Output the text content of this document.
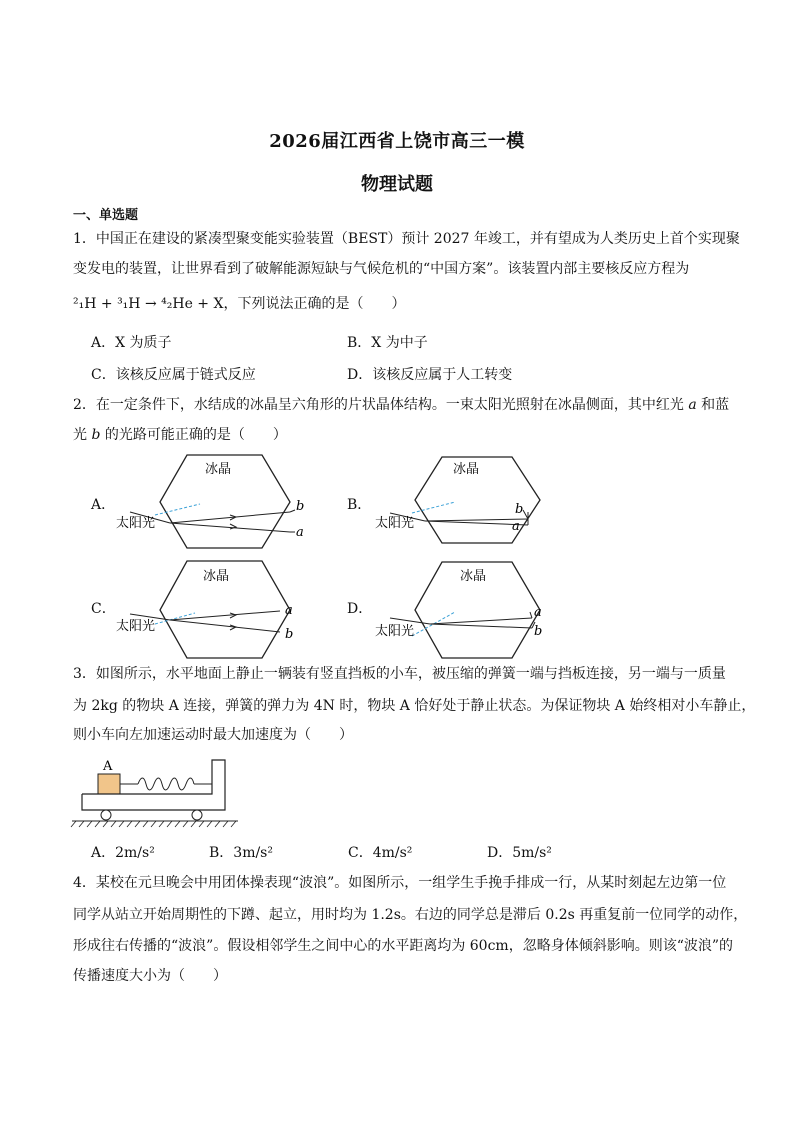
2026届江西省上饶市高三一模
物理试题
一、单选题
1．中国正在建设的紧凑型聚变能实验装置（BEST）预计 2027 年竣工，并有望成为人类历史上首个实现聚
变发电的装置，让世界看到了破解能源短缺与气候危机的“中国方案”。该装置内部主要核反应方程为
²₁H + ³₁H → ⁴₂He + X，下列说法正确的是（　　）
A．X 为质子	B．X 为中子
C．该核反应属于链式反应	D．该核反应属于人工转变
2．在一定条件下，水结成的冰晶呈六角形的片状晶体结构。一束太阳光照射在冰晶侧面，其中红光 a 和蓝
光 b 的光路可能正确的是（　　）
A．	B．
C．	D．
冰晶
太阳光
b
a
冰晶
太阳光
b
a
冰晶
太阳光
a
b
冰晶
太阳光
a
b
3．如图所示，水平地面上静止一辆装有竖直挡板的小车，被压缩的弹簧一端与挡板连接，另一端与一质量
为 2kg 的物块 A 连接，弹簧的弹力为 4N 时，物块 A 恰好处于静止状态。为保证物块 A 始终相对小车静止，
则小车向左加速运动时最大加速度为（　　）
A
A．2m/s²	B．3m/s²	C．4m/s²	D．5m/s²
4．某校在元旦晚会中用团体操表现“波浪”。如图所示，一组学生手挽手排成一行，从某时刻起左边第一位
同学从站立开始周期性的下蹲、起立，用时均为 1.2s。右边的同学总是滞后 0.2s 再重复前一位同学的动作，
形成往右传播的“波浪”。假设相邻学生之间中心的水平距离均为 60cm，忽略身体倾斜影响。则该“波浪”的
传播速度大小为（　　）
